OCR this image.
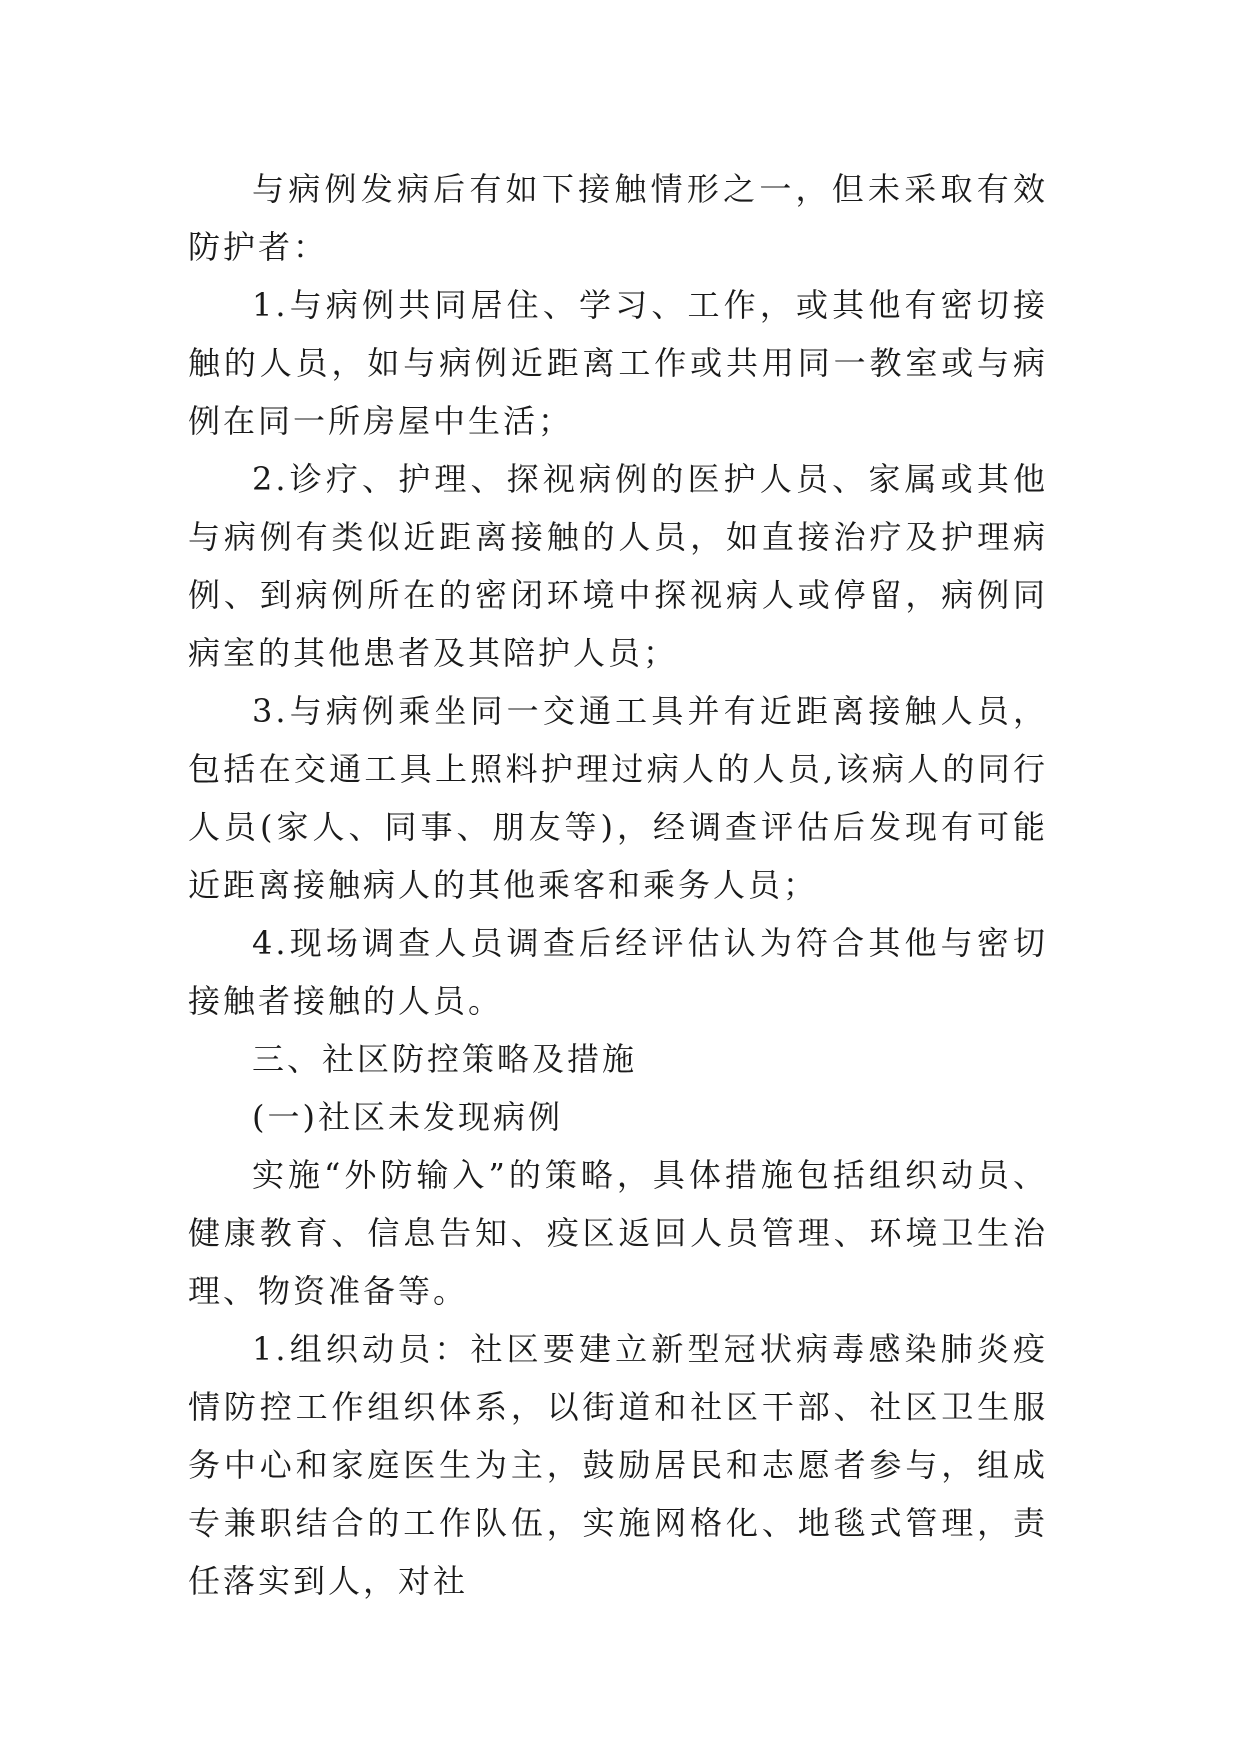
与病例发病后有如下接触情形之一，但未采取有效防护者：

1.与病例共同居住、学习、工作，或其他有密切接触的人员，如与病例近距离工作或共用同一教室或与病例在同一所房屋中生活；

2.诊疗、护理、探视病例的医护人员、家属或其他与病例有类似近距离接触的人员，如直接治疗及护理病例、到病例所在的密闭环境中探视病人或停留，病例同病室的其他患者及其陪护人员；

3.与病例乘坐同一交通工具并有近距离接触人员，包括在交通工具上照料护理过病人的人员,该病人的同行人员(家人、同事、朋友等)，经调查评估后发现有可能近距离接触病人的其他乘客和乘务人员；

4.现场调查人员调查后经评估认为符合其他与密切接触者接触的人员。

三、社区防控策略及措施

(一)社区未发现病例

实施“外防输入”的策略，具体措施包括组织动员、健康教育、信息告知、疫区返回人员管理、环境卫生治理、物资准备等。

1.组织动员：社区要建立新型冠状病毒感染肺炎疫情防控工作组织体系，以街道和社区干部、社区卫生服务中心和家庭医生为主，鼓励居民和志愿者参与，组成专兼职结合的工作队伍，实施网格化、地毯式管理，责任落实到人，对社
